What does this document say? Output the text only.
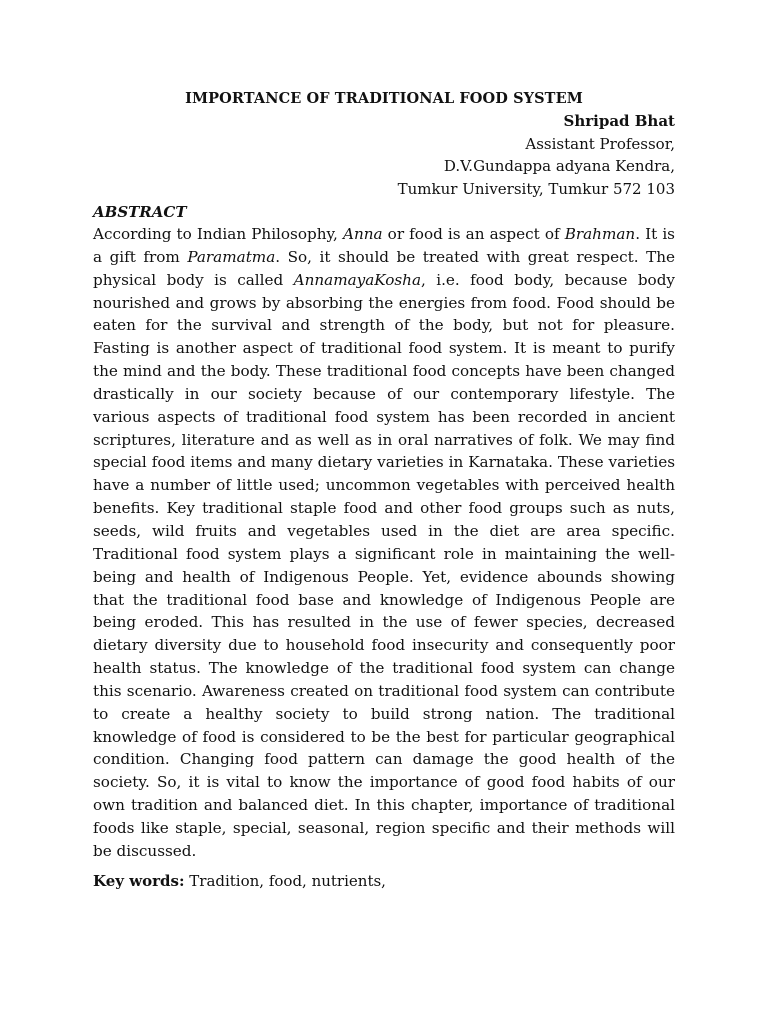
IMPORTANCE OF TRADITIONAL FOOD SYSTEM
Shripad Bhat
Assistant Professor,
D.V.Gundappa adyana Kendra,
Tumkur University, Tumkur 572 103
ABSTRACT

According to Indian Philosophy, Anna or food is an aspect of Brahman. It is a gift from Paramatma. So, it should be treated with great respect. The physical body is called AnnamayaKosha, i.e. food body, because body nourished and grows by absorbing the energies from food. Food should be eaten for the survival and strength of the body, but not for pleasure. Fasting is another aspect of traditional food system. It is meant to purify the mind and the body. These traditional food concepts have been changed drastically in our society because of our contemporary lifestyle. The various aspects of traditional food system has been recorded in ancient scriptures, literature and as well as in oral narratives of folk. We may find special food items and many dietary varieties in Karnataka. These varieties have a number of little used; uncommon vegetables with perceived health benefits. Key traditional staple food and other food groups such as nuts, seeds, wild fruits and vegetables used in the diet are area specific. Traditional food system plays a significant role in maintaining the well-being and health of Indigenous People. Yet, evidence abounds showing that the traditional food base and knowledge of Indigenous People are being eroded. This has resulted in the use of fewer species, decreased dietary diversity due to household food insecurity and consequently poor health status. The knowledge of the traditional food system can change this scenario. Awareness created on traditional food system can contribute to create a healthy society to build strong nation. The traditional knowledge of food is considered to be the best for particular geographical condition. Changing food pattern can damage the good health of the society. So, it is vital to know the importance of good food habits of our own tradition and balanced diet. In this chapter, importance of traditional foods like staple, special, seasonal, region specific and their methods will be discussed.

Key words: Tradition, food, nutrients,
